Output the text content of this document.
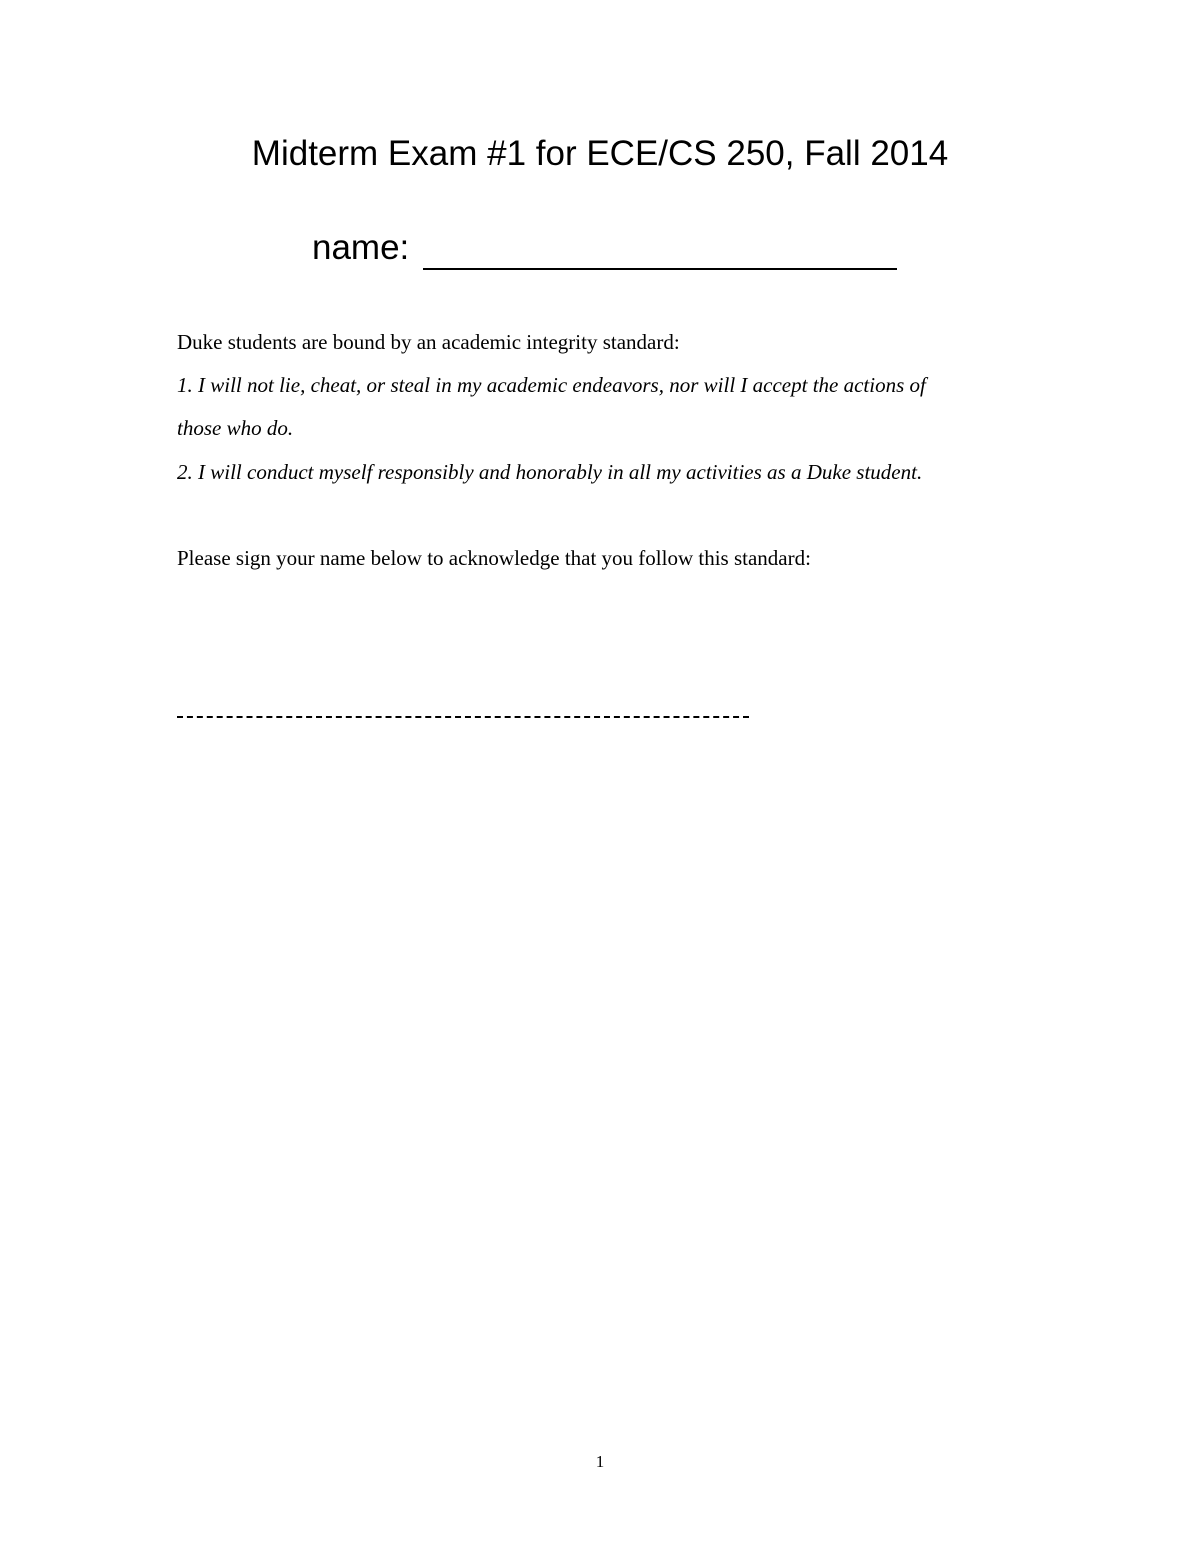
Midterm Exam #1 for ECE/CS 250, Fall 2014
name:
Duke students are bound by an academic integrity standard:
1. I will not lie, cheat, or steal in my academic endeavors, nor will I accept the actions of
those who do.
2. I will conduct myself responsibly and honorably in all my activities as a Duke student.
Please sign your name below to acknowledge that you follow this standard:
1
